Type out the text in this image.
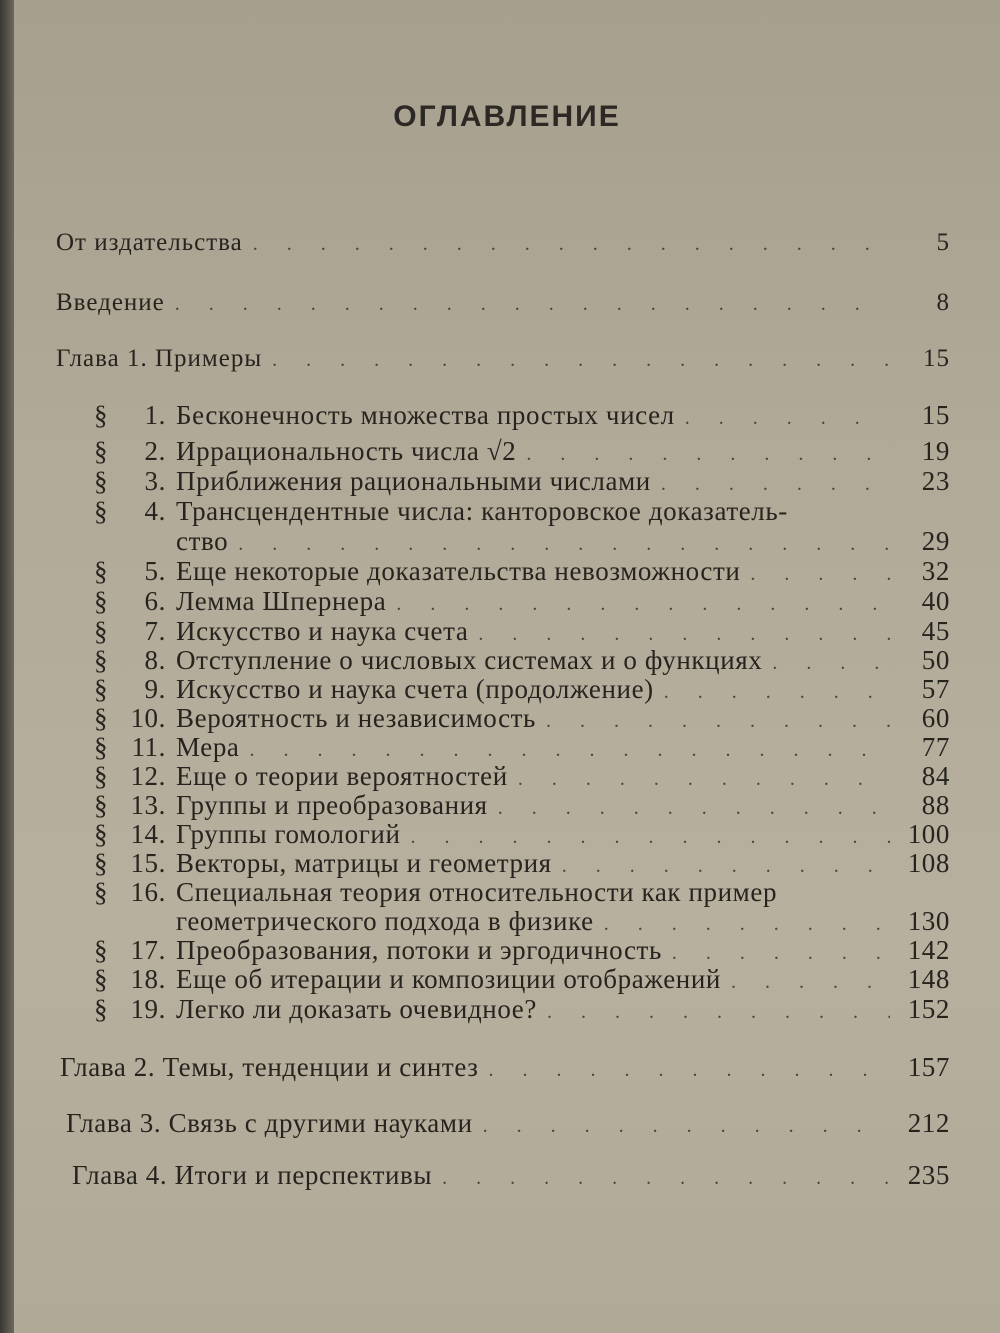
ОГЛАВЛЕНИЕ
От издательства . . .	5
Введение . . .	8
Глава 1. Примеры . . .	15
§	1. Бесконечность множества простых чисел . . .	15
§	2. Иррациональность числа √2 . . .	19
§	3. Приближения рациональными числами . . .	23
§	4. Трансцендентные числа: канторовское доказатель-
ство . . .	29
§	5. Еще некоторые доказательства невозможности . . .	32
§	6. Лемма Шпернера . . .	40
§	7. Искусство и наука счета . . .	45
§	8. Отступление о числовых системах и о функциях . . .	50
§	9. Искусство и наука счета (продолжение) . . .	57
§ 10. Вероятность и независимость . . .	60
§ 11. Мера . . .	77
§ 12. Еще о теории вероятностей . . .	84
§ 13. Группы и преобразования . . .	88
§ 14. Группы гомологий . . .	100
§ 15. Векторы, матрицы и геометрия . . .	108
§ 16. Специальная теория относительности как пример
геометрического подхода в физике . . .	130
§ 17. Преобразования, потоки и эргодичность . . .	142
§ 18. Еще об итерации и композиции отображений . . .	148
§ 19. Легко ли доказать очевидное? . . .	152
Глава 2. Темы, тенденции и синтез . . .	157
Глава 3. Связь с другими науками . . .	212
Глава 4. Итоги и перспективы . . .	235
